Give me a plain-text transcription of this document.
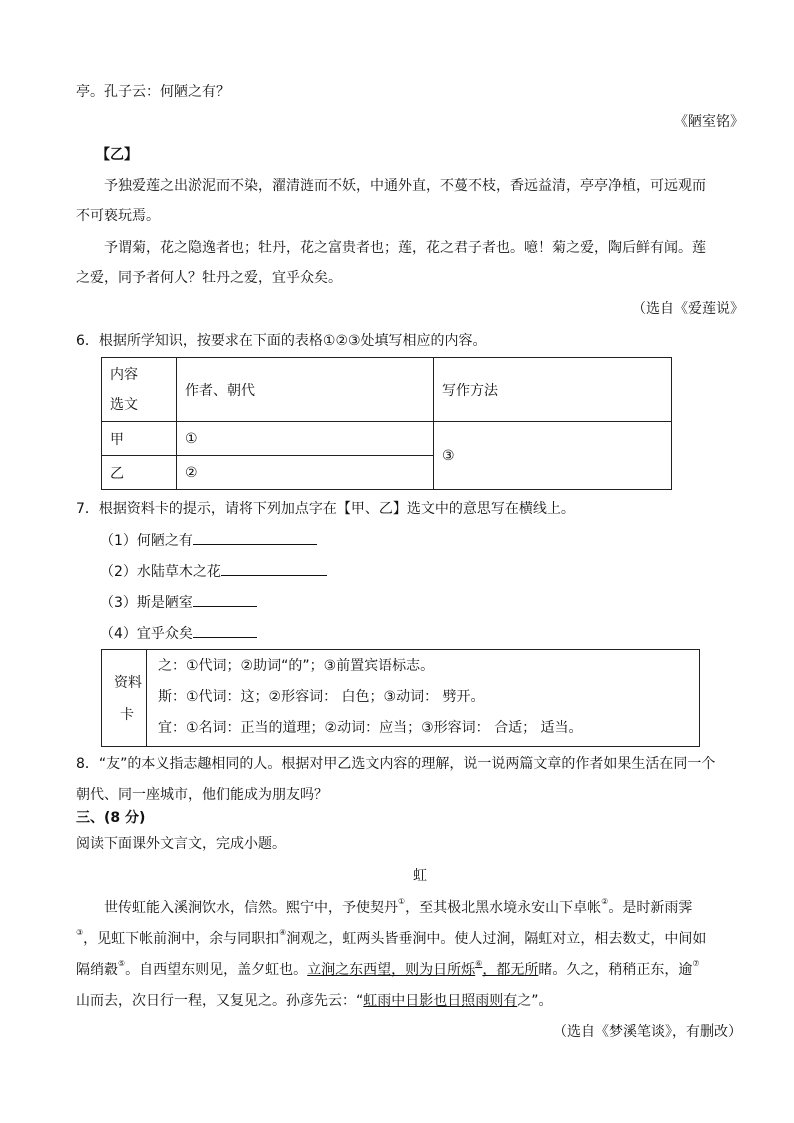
亭。孔子云：何陋之有？
《陋室铭》
【乙】
予独爱莲之出淤泥而不染，濯清涟而不妖，中通外直，不蔓不枝，香远益清，亭亭净植，可远观而
不可亵玩焉。
予谓菊，花之隐逸者也；牡丹，花之富贵者也；莲，花之君子者也。噫！菊之爱，陶后鲜有闻。莲
之爱，同予者何人？牡丹之爱，宜乎众矣。
（选自《爱莲说》
6．根据所学知识，按要求在下面的表格①②③处填写相应的内容。
内容
选文	作者、朝代	写作方法
甲	①	③
乙	②	
7．根据资料卡的提示，请将下列加点字在【甲、乙】选文中的意思写在横线上。
（1）何陋之有
（2）水陆草木之花
（3）斯是陋室
（4）宜乎众矣
资料
卡
之：①代词；②助词“的”；③前置宾语标志。
斯：①代词：这；②形容词： 白色；③动词： 劈开。
宜：①名词：正当的道理；②动词：应当；③形容词： 合适； 适当。
8．“友”的本义指志趣相同的人。根据对甲乙选文内容的理解，说一说两篇文章的作者如果生活在同一个
朝代、同一座城市，他们能成为朋友吗？
三、(8 分)
阅读下面课外文言文，完成小题。
虹
世传虹能入溪涧饮水，信然。熙宁中，予使契丹①，至其极北黑水境永安山下卓帐②。是时新雨霁
③，见虹下帐前涧中，余与同职扣④涧观之，虹两头皆垂涧中。使人过涧，隔虹对立，相去数丈，中间如
隔绡縠⑤。自西望东则见，盖夕虹也。立涧之东西望，则为日所烁⑥，都无所睹。久之，稍稍正东，逾⑦
山而去，次日行一程，又复见之。孙彦先云：“虹雨中日影也日照雨则有之”。
（选自《梦溪笔谈》，有删改）
